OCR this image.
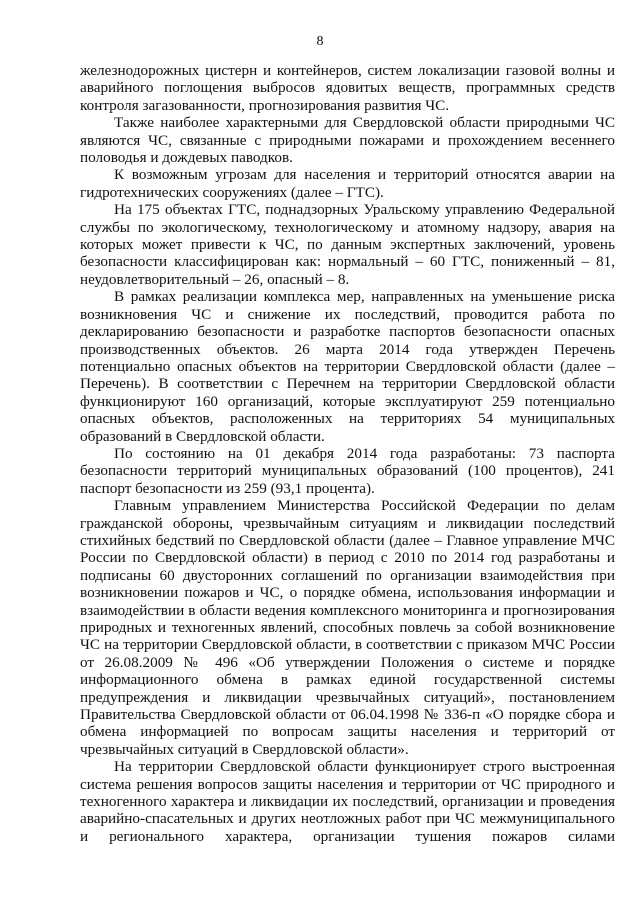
8

железнодорожных цистерн и контейнеров, систем локализации газовой волны и аварийного поглощения выбросов ядовитых веществ, программных средств контроля загазованности, прогнозирования развития ЧС.

Также наиболее характерными для Свердловской области природными ЧС являются ЧС, связанные с природными пожарами и прохождением весеннего половодья и дождевых паводков.

К возможным угрозам для населения и территорий относятся аварии на гидротехнических сооружениях (далее – ГТС).

На 175 объектах ГТС, поднадзорных Уральскому управлению Федеральной службы по экологическому, технологическому и атомному надзору, авария на которых может привести к ЧС, по данным экспертных заключений, уровень безопасности классифицирован как: нормальный – 60 ГТС, пониженный – 81, неудовлетворительный – 26, опасный – 8.

В рамках реализации комплекса мер, направленных на уменьшение риска возникновения ЧС и снижение их последствий, проводится работа по декларированию безопасности и разработке паспортов безопасности опасных производственных объектов. 26 марта 2014 года утвержден Перечень потенциально опасных объектов на территории Свердловской области (далее – Перечень). В соответствии с Перечнем на территории Свердловской области функционируют 160 организаций, которые эксплуатируют 259 потенциально опасных объектов, расположенных на территориях 54 муниципальных образований в Свердловской области.

По состоянию на 01 декабря 2014 года разработаны: 73 паспорта безопасности территорий муниципальных образований (100 процентов), 241 паспорт безопасности из 259 (93,1 процента).

Главным управлением Министерства Российской Федерации по делам гражданской обороны, чрезвычайным ситуациям и ликвидации последствий стихийных бедствий по Свердловской области (далее – Главное управление МЧС России по Свердловской области) в период с 2010 по 2014 год разработаны и подписаны 60 двусторонних соглашений по организации взаимодействия при возникновении пожаров и ЧС, о порядке обмена, использования информации и взаимодействии в области ведения комплексного мониторинга и прогнозирования природных и техногенных явлений, способных повлечь за собой возникновение ЧС на территории Свердловской области, в соответствии с приказом МЧС России от 26.08.2009 № 496 «Об утверждении Положения о системе и порядке информационного обмена в рамках единой государственной системы предупреждения и ликвидации чрезвычайных ситуаций», постановлением Правительства Свердловской области от 06.04.1998 № 336-п «О порядке сбора и обмена информацией по вопросам защиты населения и территорий от чрезвычайных ситуаций в Свердловской области».

На территории Свердловской области функционирует строго выстроенная система решения вопросов защиты населения и территории от ЧС природного и техногенного характера и ликвидации их последствий, организации и проведения аварийно-спасательных и других неотложных работ при ЧС межмуниципального и регионального характера, организации тушения пожаров силами
